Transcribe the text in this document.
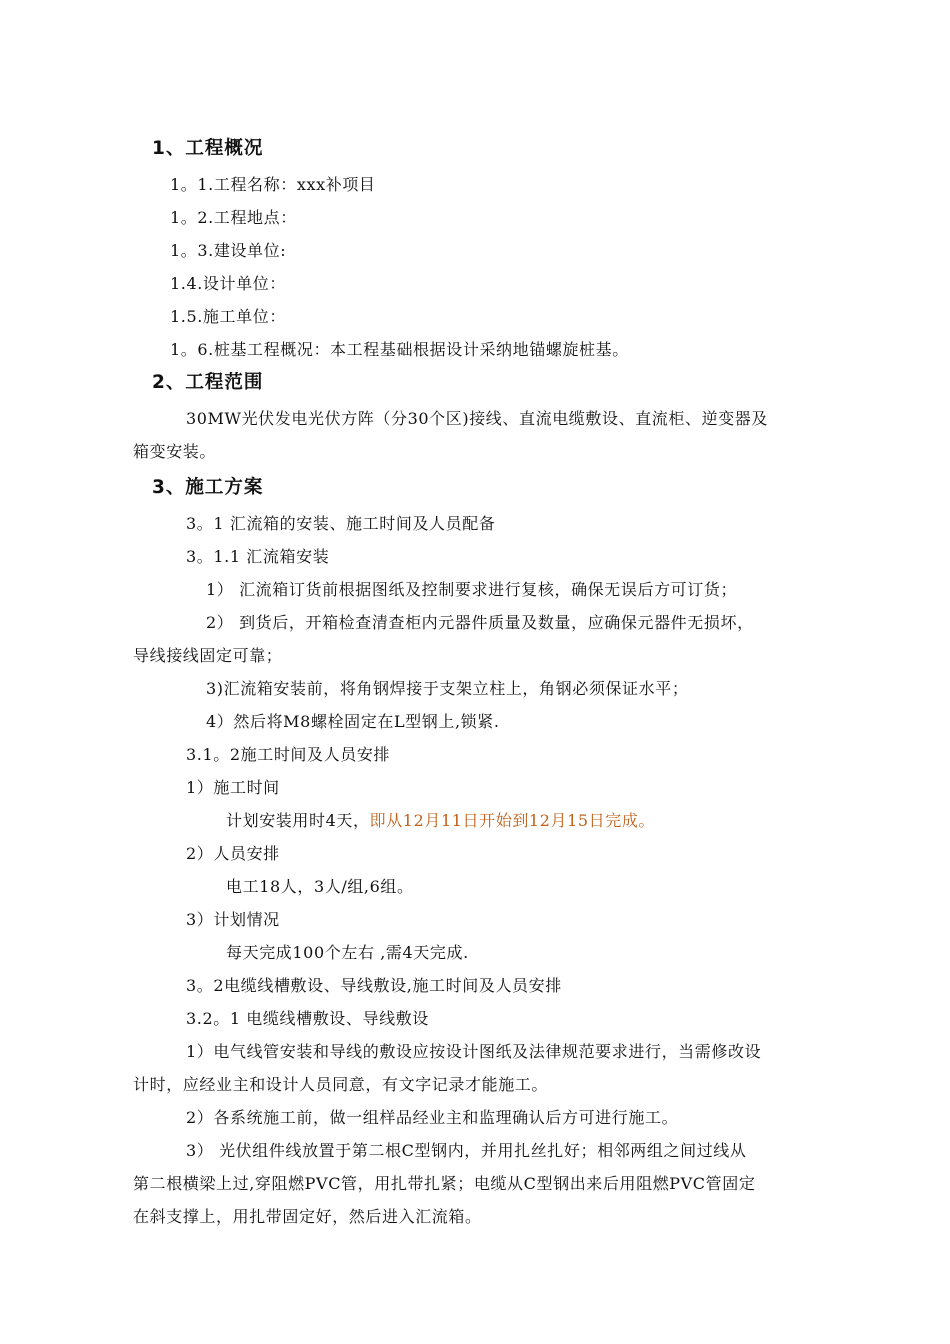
1、工程概况
1。1.工程名称：xxx补项目
1。2.工程地点：
1。3.建设单位:
1.4.设计单位：
1.5.施工单位：
1。6.桩基工程概况：本工程基础根据设计采纳地锚螺旋桩基。
2、工程范围
30MW光伏发电光伏方阵（分30个区)接线、直流电缆敷设、直流柜、逆变器及
箱变安装。
3、施工方案
3。1 汇流箱的安装、施工时间及人员配备
3。1.1 汇流箱安装
1） 汇流箱订货前根据图纸及控制要求进行复核，确保无误后方可订货；
2） 到货后，开箱检查清查柜内元器件质量及数量，应确保元器件无损坏，
导线接线固定可靠；
3)汇流箱安装前，将角钢焊接于支架立柱上，角钢必须保证水平；
4）然后将M8螺栓固定在L型钢上,锁紧.
3.1。2施工时间及人员安排
1）施工时间
计划安装用时4天，即从12月11日开始到12月15日完成。
2）人员安排
电工18人，3人/组,6组。
3）计划情况
每天完成100个左右 ,需4天完成.
3。2电缆线槽敷设、导线敷设,施工时间及人员安排
3.2。1 电缆线槽敷设、导线敷设
1）电气线管安装和导线的敷设应按设计图纸及法律规范要求进行，当需修改设
计时，应经业主和设计人员同意，有文字记录才能施工。
2）各系统施工前，做一组样品经业主和监理确认后方可进行施工。
3） 光伏组件线放置于第二根C型钢内，并用扎丝扎好；相邻两组之间过线从
第二根横梁上过,穿阻燃PVC管，用扎带扎紧；电缆从C型钢出来后用阻燃PVC管固定
在斜支撑上，用扎带固定好，然后进入汇流箱。
